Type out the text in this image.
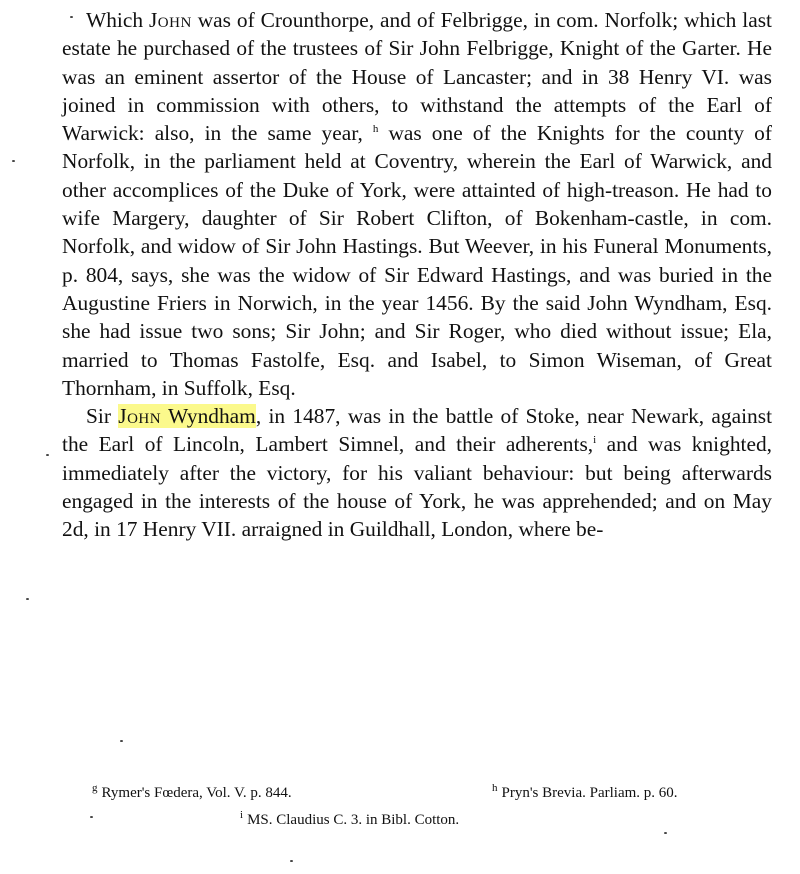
Which John was of Crounthorpe, and of Felbrigge, in com. Norfolk; which last estate he purchased of the trustees of Sir John Felbrigge, Knight of the Garter. He was an eminent assertor of the House of Lancaster; and in 38 Henry VI. was joined in commission with others, to withstand the attempts of the Earl of Warwick: also, in the same year, $^h$ was one of the Knights for the county of Norfolk, in the parliament held at Coventry, wherein the Earl of Warwick, and other accomplices of the Duke of York, were attainted of high-treason. He had to wife Margery, daughter of Sir Robert Clifton, of Bokenham-castle, in com. Norfolk, and widow of Sir John Hastings. But Weever, in his Funeral Monuments, p. 804, says, she was the widow of Sir Edward Hastings, and was buried in the Augustine Friers in Norwich, in the year 1456. By the said John Wyndham, Esq. she had issue two sons; Sir John; and Sir Roger, who died without issue; Ela, married to Thomas Fastolfe, Esq. and Isabel, to Simon Wiseman, of Great Thornham, in Suffolk, Esq.

Sir John Wyndham, in 1487, was in the battle of Stoke, near Newark, against the Earl of Lincoln, Lambert Simnel, and their adherents,$^i$ and was knighted, immediately after the victory, for his valiant behaviour: but being afterwards engaged in the interests of the house of York, he was apprehended; and on May 2d, in 17 Henry VII. arraigned in Guildhall, London, where be-

$^g$ Rymer's Fœdera, Vol. V. p. 844.	$^h$ Pryn's Brevia. Parliam. p. 60.
$^i$ MS. Claudius C. 3. in Bibl. Cotton.
